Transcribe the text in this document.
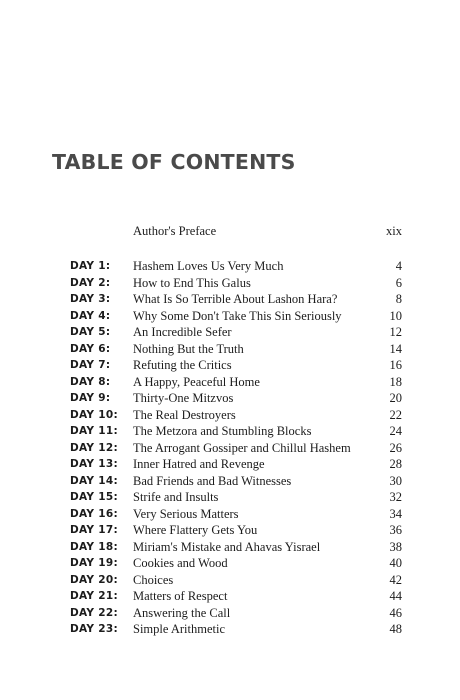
TABLE OF CONTENTS
Author's Preface	xix
DAY 1: Hashem Loves Us Very Much	4
DAY 2: How to End This Galus	6
DAY 3: What Is So Terrible About Lashon Hara?	8
DAY 4: Why Some Don't Take This Sin Seriously	10
DAY 5: An Incredible Sefer	12
DAY 6: Nothing But the Truth	14
DAY 7: Refuting the Critics	16
DAY 8: A Happy, Peaceful Home	18
DAY 9: Thirty-One Mitzvos	20
DAY 10: The Real Destroyers	22
DAY 11: The Metzora and Stumbling Blocks	24
DAY 12: The Arrogant Gossiper and Chillul Hashem	26
DAY 13: Inner Hatred and Revenge	28
DAY 14: Bad Friends and Bad Witnesses	30
DAY 15: Strife and Insults	32
DAY 16: Very Serious Matters	34
DAY 17: Where Flattery Gets You	36
DAY 18: Miriam's Mistake and Ahavas Yisrael	38
DAY 19: Cookies and Wood	40
DAY 20: Choices	42
DAY 21: Matters of Respect	44
DAY 22: Answering the Call	46
DAY 23: Simple Arithmetic	48
